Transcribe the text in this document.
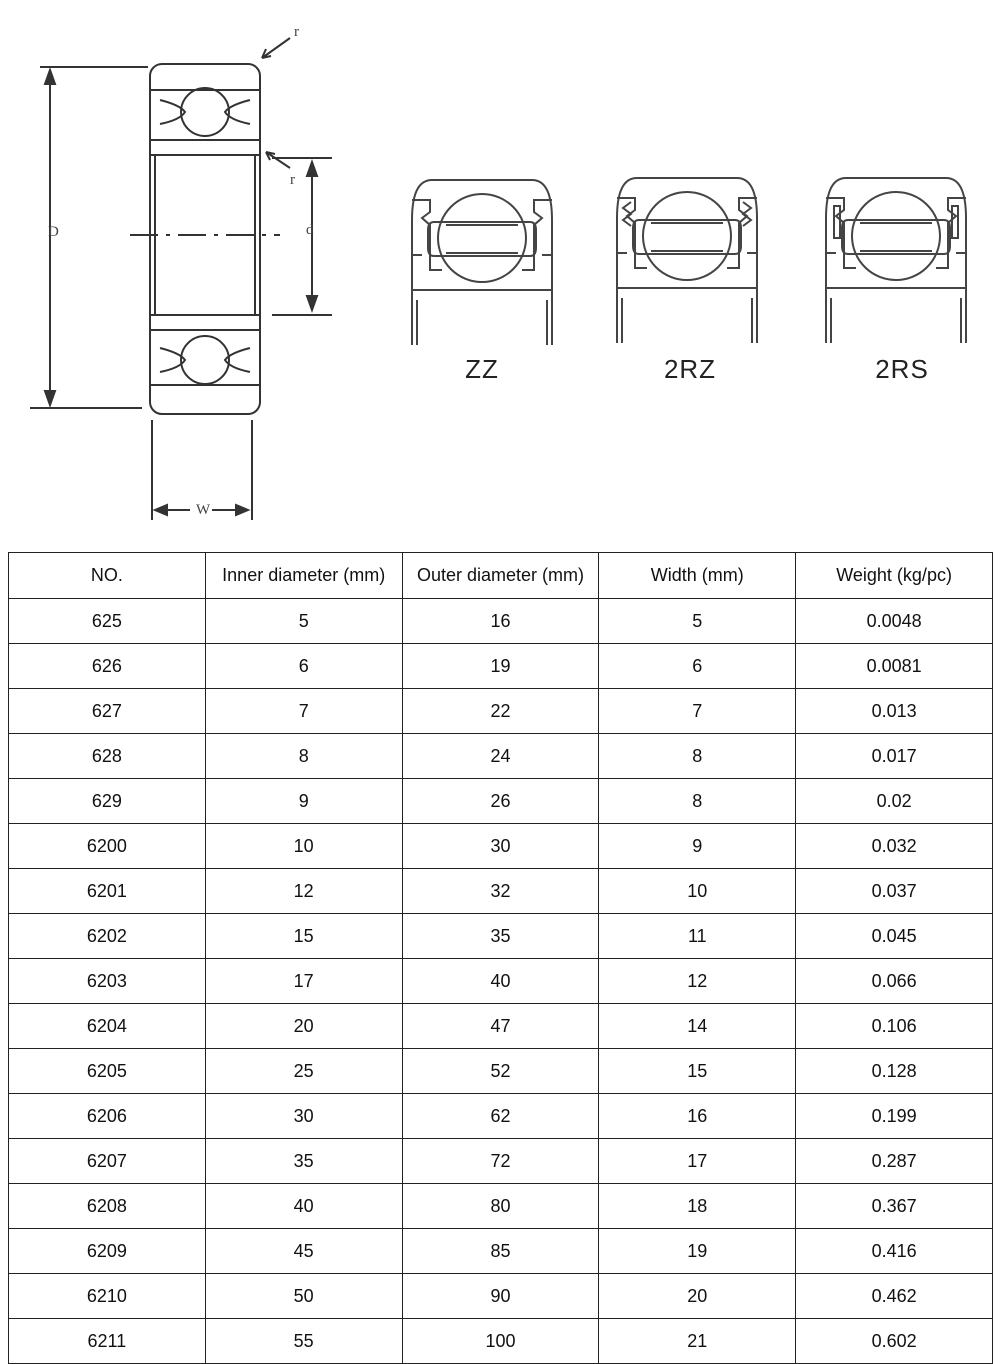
r
r
D	d
W
ZZ	2RZ	2RS
NO.	Inner diameter (mm)	Outer diameter (mm)	Width (mm)	Weight (kg/pc)
625	5	16	5	0.0048
626	6	19	6	0.0081
627	7	22	7	0.013
628	8	24	8	0.017
629	9	26	8	0.02
6200	10	30	9	0.032
6201	12	32	10	0.037
6202	15	35	11	0.045
6203	17	40	12	0.066
6204	20	47	14	0.106
6205	25	52	15	0.128
6206	30	62	16	0.199
6207	35	72	17	0.287
6208	40	80	18	0.367
6209	45	85	19	0.416
6210	50	90	20	0.462
6211	55	100	21	0.602
